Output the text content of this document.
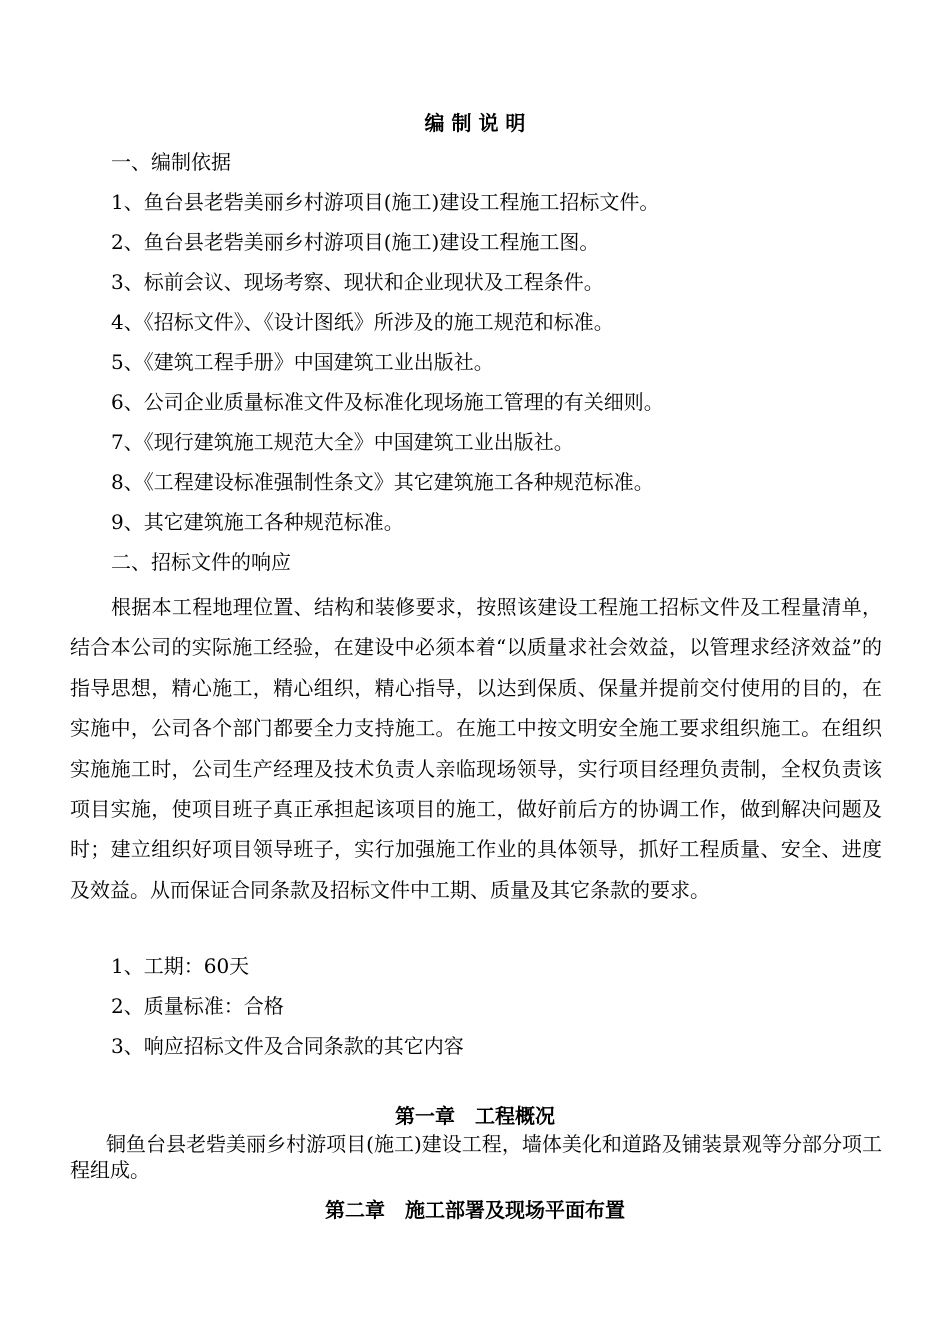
编 制 说 明
一、编制依据
1、鱼台县老砦美丽乡村游项目(施工)建设工程施工招标文件。
2、鱼台县老砦美丽乡村游项目(施工)建设工程施工图。
3、标前会议、现场考察、现状和企业现状及工程条件。
4、《招标文件》、《设计图纸》所涉及的施工规范和标准。
5、《建筑工程手册》中国建筑工业出版社。
6、公司企业质量标准文件及标准化现场施工管理的有关细则。
7、《现行建筑施工规范大全》中国建筑工业出版社。
8、《工程建设标准强制性条文》其它建筑施工各种规范标准。
9、其它建筑施工各种规范标准。
二、招标文件的响应
根据本工程地理位置、结构和装修要求，按照该建设工程施工招标文件及工程量清单，结合本公司的实际施工经验，在建设中必须本着“以质量求社会效益，以管理求经济效益”的指导思想，精心施工，精心组织，精心指导，以达到保质、保量并提前交付使用的目的，在实施中，公司各个部门都要全力支持施工。在施工中按文明安全施工要求组织施工。在组织实施施工时，公司生产经理及技术负责人亲临现场领导，实行项目经理负责制，全权负责该项目实施，使项目班子真正承担起该项目的施工，做好前后方的协调工作，做到解决问题及时；建立组织好项目领导班子，实行加强施工作业的具体领导，抓好工程质量、安全、进度及效益。从而保证合同条款及招标文件中工期、质量及其它条款的要求。
1、工期：60天
2、质量标准：合格
3、响应招标文件及合同条款的其它内容
第一章　工程概况
铜鱼台县老砦美丽乡村游项目(施工)建设工程，墙体美化和道路及铺装景观等分部分项工程组成。
第二章　施工部署及现场平面布置
